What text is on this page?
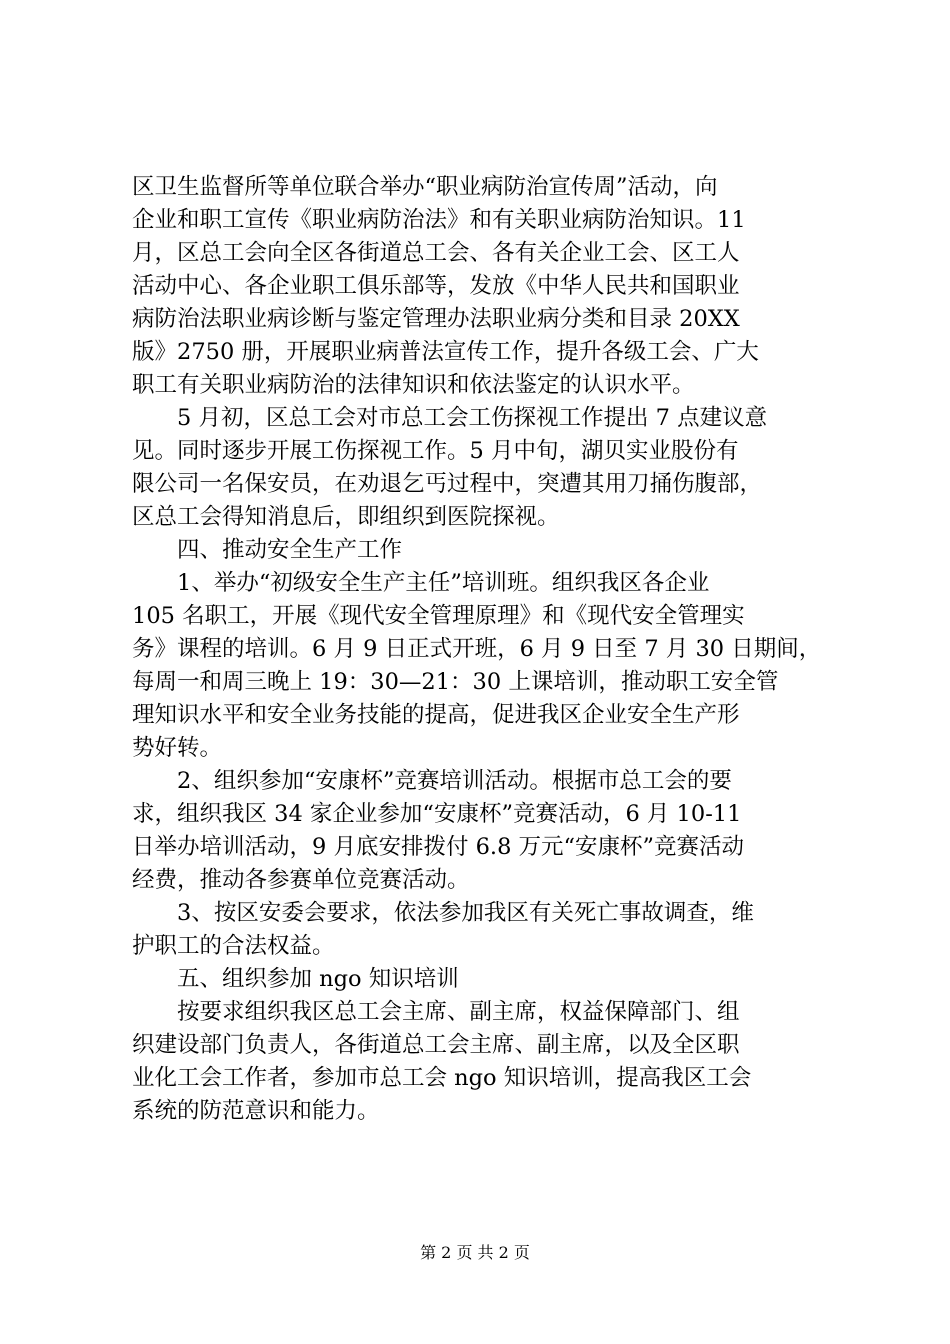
区卫生监督所等单位联合举办“职业病防治宣传周”活动，向
企业和职工宣传《职业病防治法》和有关职业病防治知识。11
月，区总工会向全区各街道总工会、各有关企业工会、区工人
活动中心、各企业职工俱乐部等，发放《中华人民共和国职业
病防治法职业病诊断与鉴定管理办法职业病分类和目录 20XX
版》2750 册，开展职业病普法宣传工作，提升各级工会、广大
职工有关职业病防治的法律知识和依法鉴定的认识水平。
　　5 月初，区总工会对市总工会工伤探视工作提出 7 点建议意
见。同时逐步开展工伤探视工作。5 月中旬，湖贝实业股份有
限公司一名保安员，在劝退乞丐过程中，突遭其用刀捅伤腹部，
区总工会得知消息后，即组织到医院探视。
　　四、推动安全生产工作
　　1、举办“初级安全生产主任”培训班。组织我区各企业
105 名职工，开展《现代安全管理原理》和《现代安全管理实
务》课程的培训。6 月 9 日正式开班，6 月 9 日至 7 月 30 日期间，
每周一和周三晚上 19：30—21：30 上课培训，推动职工安全管
理知识水平和安全业务技能的提高，促进我区企业安全生产形
势好转。
　　2、组织参加“安康杯”竞赛培训活动。根据市总工会的要
求，组织我区 34 家企业参加“安康杯”竞赛活动，6 月 10-11
日举办培训活动，9 月底安排拨付 6.8 万元“安康杯”竞赛活动
经费，推动各参赛单位竞赛活动。
　　3、按区安委会要求，依法参加我区有关死亡事故调查，维
护职工的合法权益。
　　五、组织参加 ngo 知识培训
　　按要求组织我区总工会主席、副主席，权益保障部门、组
织建设部门负责人，各街道总工会主席、副主席，以及全区职
业化工会工作者，参加市总工会 ngo 知识培训，提高我区工会
系统的防范意识和能力。
第 2 页 共 2 页
